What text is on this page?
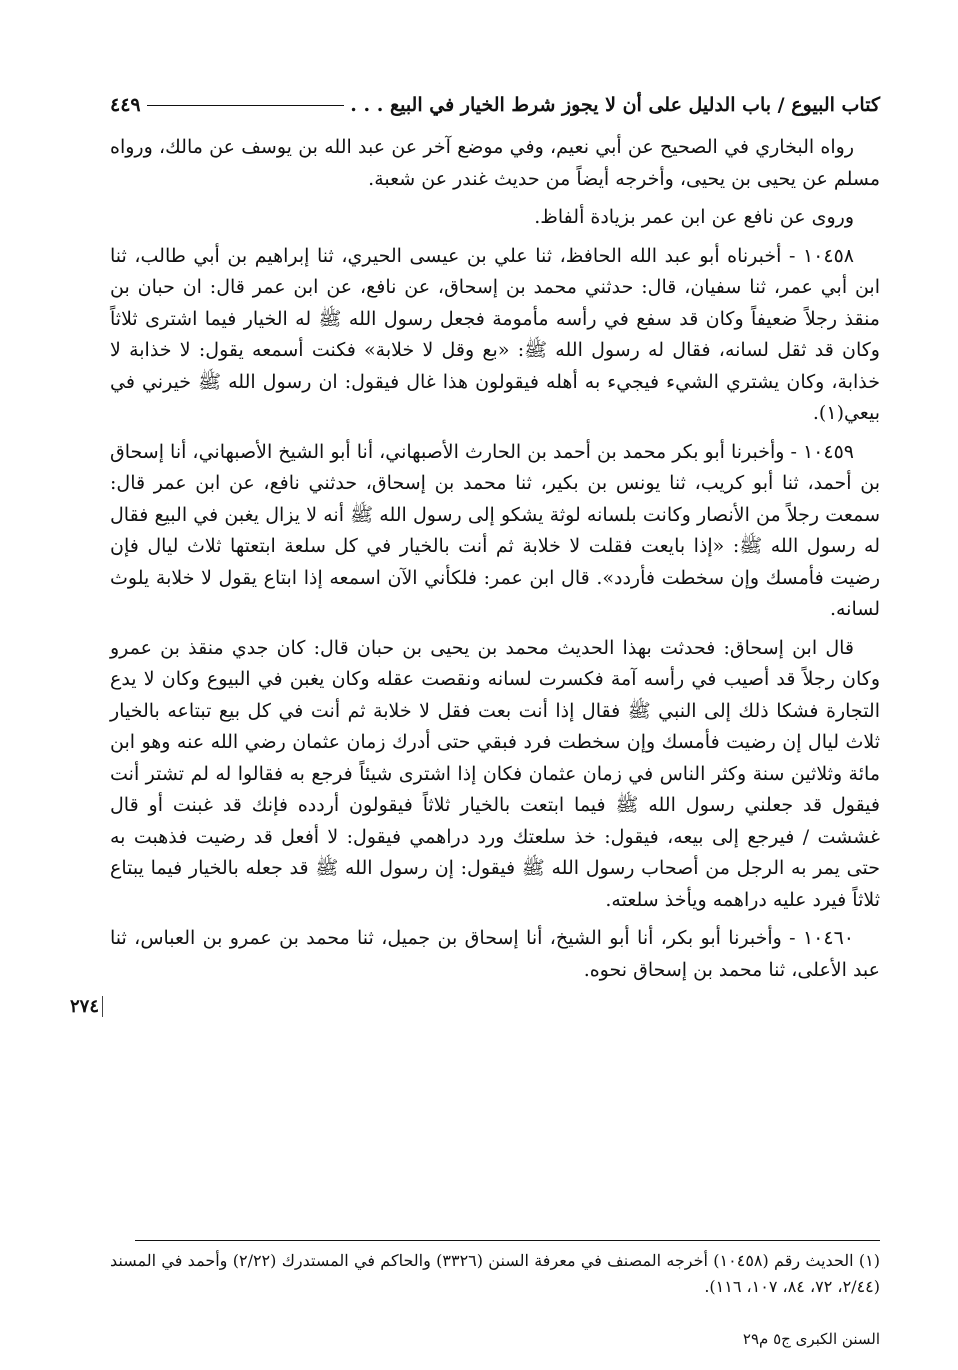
كتاب البيوع / باب الدليل على أن لا يجوز شرط الخيار في البيع . . .
٤٤٩

رواه البخاري في الصحيح عن أبي نعيم، وفي موضع آخر عن عبد الله بن يوسف عن مالك، ورواه مسلم عن يحيى بن يحيى، وأخرجه أيضاً من حديث غندر عن شعبة.

وروى عن نافع عن ابن عمر بزيادة ألفاظ.

١٠٤٥٨ - أخبرناه أبو عبد الله الحافظ، ثنا علي بن عيسى الحيري، ثنا إبراهيم بن أبي طالب، ثنا ابن أبي عمر، ثنا سفيان، قال: حدثني محمد بن إسحاق، عن نافع، عن ابن عمر قال: ان حبان بن منقذ رجلاً ضعيفاً وكان قد سفع في رأسه مأمومة فجعل رسول الله ﷺ له الخيار فيما اشترى ثلاثاً وكان قد ثقل لسانه، فقال له رسول الله ﷺ: «بع وقل لا خلابة» فكنت أسمعه يقول: لا خذابة لا خذابة، وكان يشتري الشيء فيجيء به أهله فيقولون هذا غال فيقول: ان رسول الله ﷺ خيرني في بيعي(١).

١٠٤٥٩ - وأخبرنا أبو بكر محمد بن أحمد بن الحارث الأصبهاني، أنا أبو الشيخ الأصبهاني، أنا إسحاق بن أحمد، ثنا أبو كريب، ثنا يونس بن بكير، ثنا محمد بن إسحاق، حدثني نافع، عن ابن عمر قال: سمعت رجلاً من الأنصار وكانت بلسانه لوثة يشكو إلى رسول الله ﷺ أنه لا يزال يغبن في البيع فقال له رسول الله ﷺ: «إذا بايعت فقلت لا خلابة ثم أنت بالخيار في كل سلعة ابتعتها ثلاث ليال فإن رضيت فأمسك وإن سخطت فأردد». قال ابن عمر: فلكأني الآن اسمعه إذا ابتاع يقول لا خلابة يلوث لسانه.

قال ابن إسحاق: فحدثت بهذا الحديث محمد بن يحيى بن حبان قال: كان جدي منقذ بن عمرو وكان رجلاً قد أصيب في رأسه آمة فكسرت لسانه ونقصت عقله وكان يغبن في البيوع وكان لا يدع التجارة فشكا ذلك إلى النبي ﷺ فقال إذا أنت بعت فقل لا خلابة ثم أنت في كل بيع تبتاعه بالخيار ثلاث ليال إن رضيت فأمسك وإن سخطت فرد فبقي حتى أدرك زمان عثمان رضي الله عنه وهو ابن مائة وثلاثين سنة وكثر الناس في زمان عثمان فكان إذا اشترى شيئاً فرجع به فقالوا له لم تشتر أنت فيقول قد جعلني رسول الله ﷺ فيما ابتعت بالخيار ثلاثاً فيقولون أردده فإنك قد غبنت أو قال غششت / فيرجع إلى بيعه، فيقول: خذ سلعتك ورد دراهمي فيقول: لا أفعل قد رضيت فذهبت به حتى يمر به الرجل من أصحاب رسول الله ﷺ فيقول: إن رسول الله ﷺ قد جعله بالخيار فيما يبتاع ثلاثاً فيرد عليه دراهمه ويأخذ سلعته.

١٠٤٦٠ - وأخبرنا أبو بكر، أنا أبو الشيخ، أنا إسحاق بن جميل، ثنا محمد بن عمرو بن العباس، ثنا عبد الأعلى، ثنا محمد بن إسحاق نحوه.

(١) الحديث رقم (١٠٤٥٨) أخرجه المصنف في معرفة السنن (٣٣٢٦) والحاكم في المستدرك (٢/٢٢) وأحمد في المسند (٢/٤٤، ٧٢، ٨٤، ١٠٧، ١١٦).
السنن الكبرى ج٥ م٢٩
٢٧٤
